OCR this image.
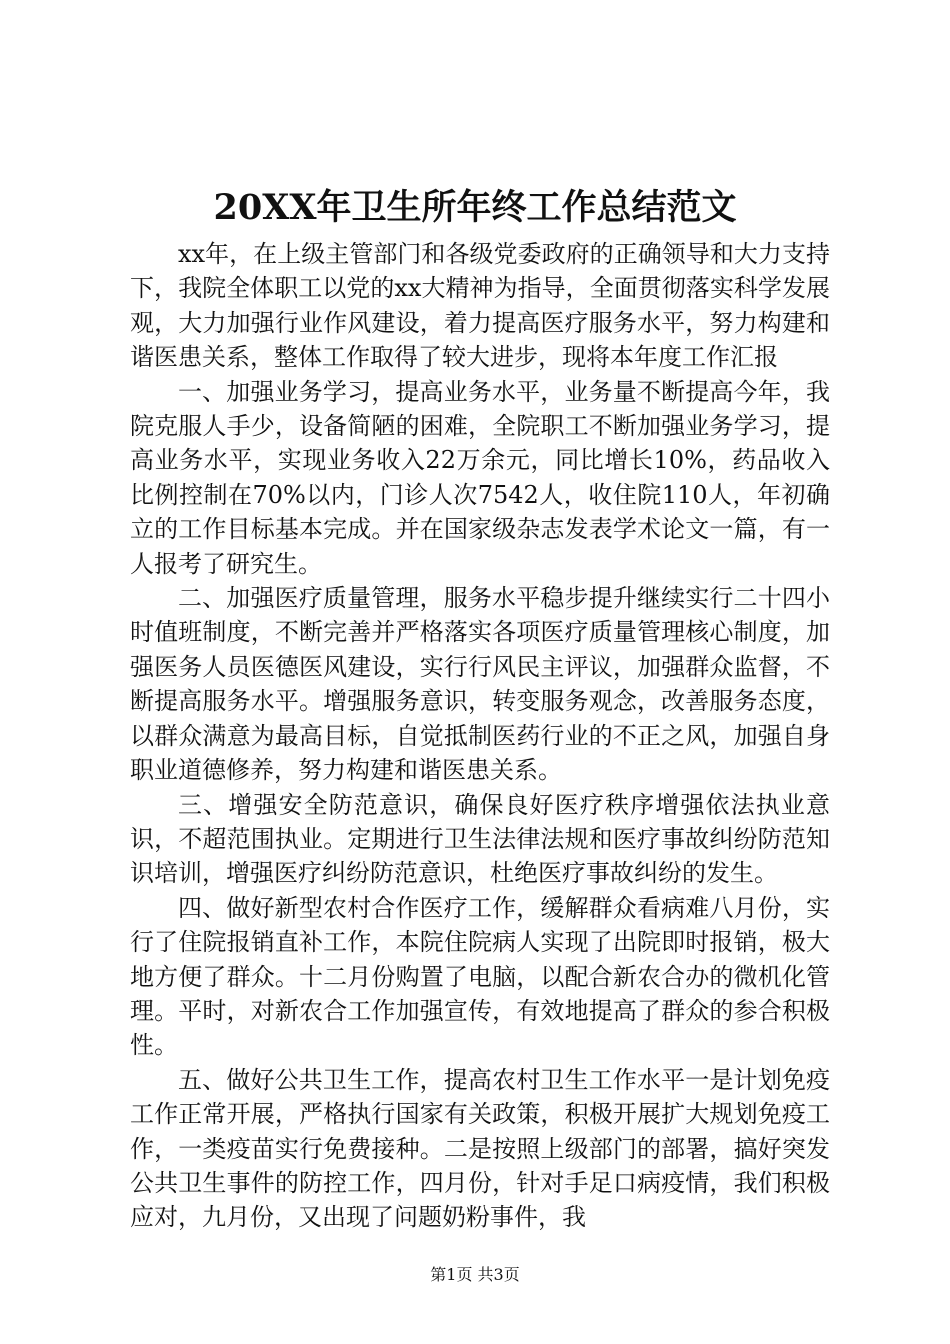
20XX年卫生所年终工作总结范文

xx年，在上级主管部门和各级党委政府的正确领导和大力支持下，我院全体职工以党的xx大精神为指导，全面贯彻落实科学发展观，大力加强行业作风建设，着力提高医疗服务水平，努力构建和谐医患关系，整体工作取得了较大进步，现将本年度工作汇报

一、加强业务学习，提高业务水平，业务量不断提高今年，我院克服人手少，设备简陋的困难，全院职工不断加强业务学习，提高业务水平，实现业务收入22万余元，同比增长10%，药品收入比例控制在70%以内，门诊人次7542人，收住院110人，年初确立的工作目标基本完成。并在国家级杂志发表学术论文一篇，有一人报考了研究生。

二、加强医疗质量管理，服务水平稳步提升继续实行二十四小时值班制度，不断完善并严格落实各项医疗质量管理核心制度，加强医务人员医德医风建设，实行行风民主评议，加强群众监督，不断提高服务水平。增强服务意识，转变服务观念，改善服务态度，以群众满意为最高目标，自觉抵制医药行业的不正之风，加强自身职业道德修养，努力构建和谐医患关系。

三、增强安全防范意识，确保良好医疗秩序增强依法执业意识，不超范围执业。定期进行卫生法律法规和医疗事故纠纷防范知识培训，增强医疗纠纷防范意识，杜绝医疗事故纠纷的发生。

四、做好新型农村合作医疗工作，缓解群众看病难八月份，实行了住院报销直补工作，本院住院病人实现了出院即时报销，极大地方便了群众。十二月份购置了电脑，以配合新农合办的微机化管理。平时，对新农合工作加强宣传，有效地提高了群众的参合积极性。

五、做好公共卫生工作，提高农村卫生工作水平一是计划免疫工作正常开展，严格执行国家有关政策，积极开展扩大规划免疫工作，一类疫苗实行免费接种。二是按照上级部门的部署，搞好突发公共卫生事件的防控工作，四月份，针对手足口病疫情，我们积极应对，九月份，又出现了问题奶粉事件，我

第1页 共3页
